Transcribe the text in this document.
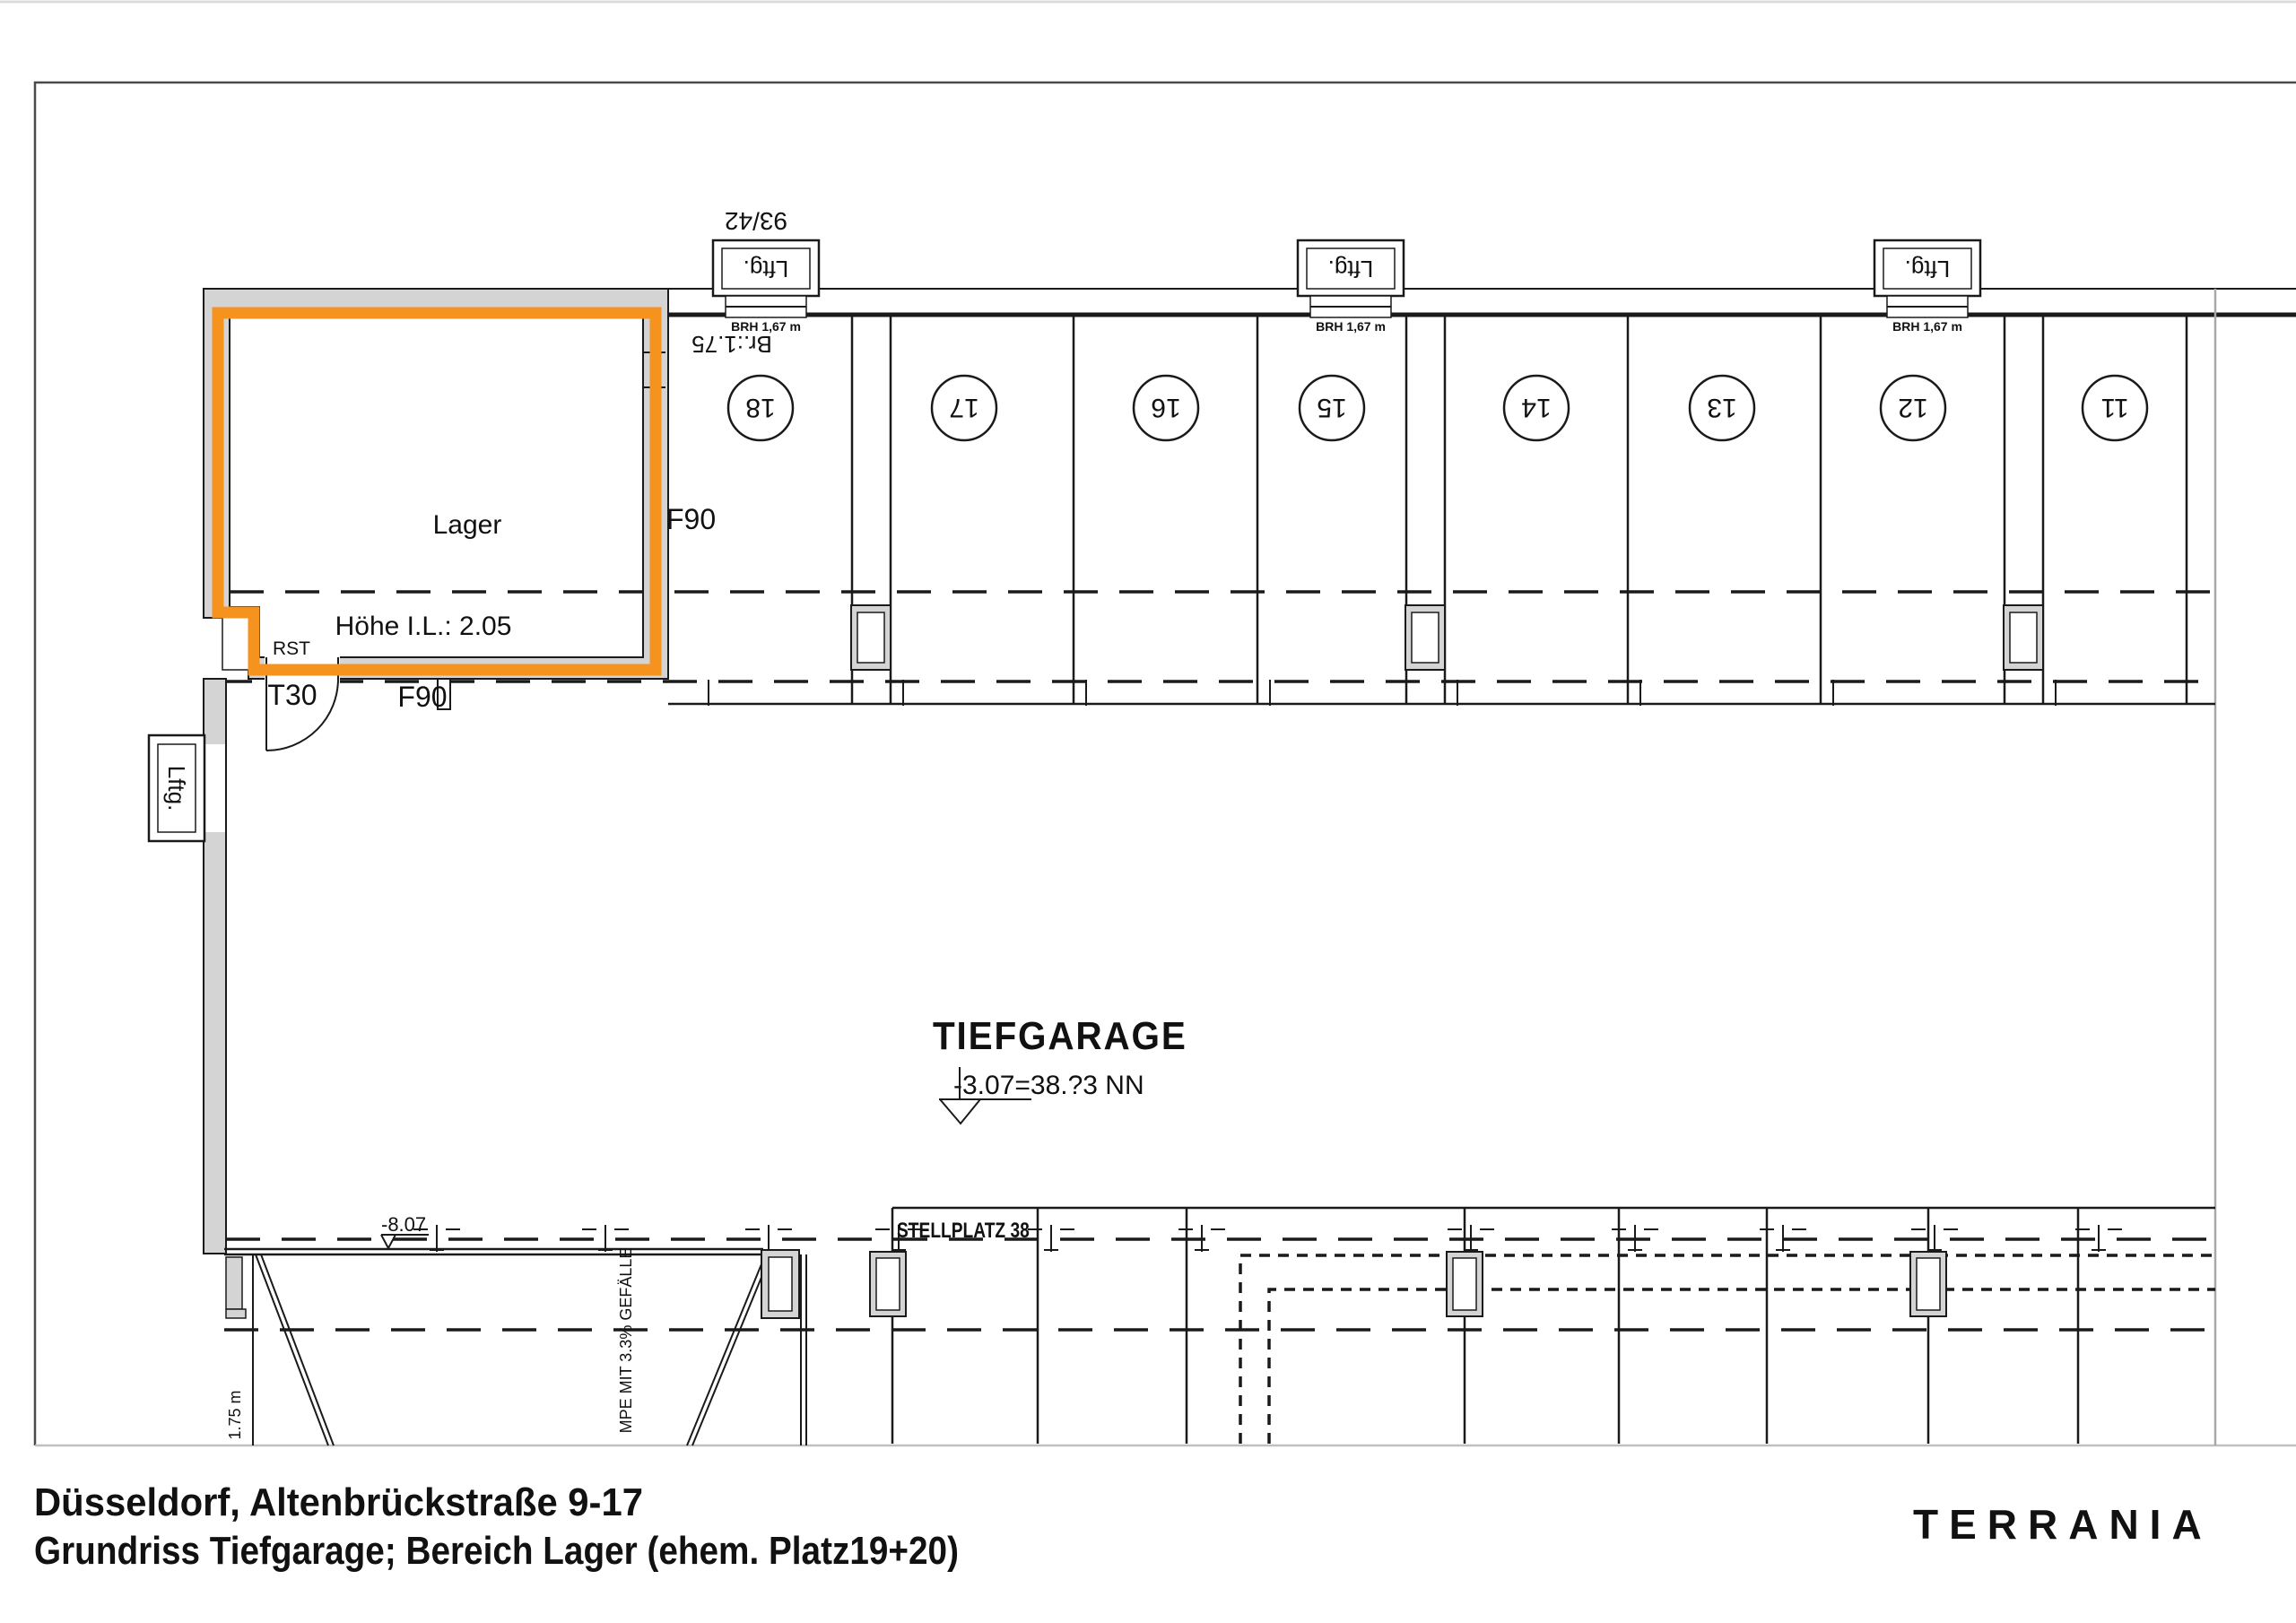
18	17	16	15	14	13	12	11
93/42
Lftg.	Lftg.	Lftg.
BRH 1,67 m	BRH 1,67 m	BRH 1,67 m
Br.:1.75
Lager
Höhe I.L.: 2.05
RST
T30
F90
F90
Lftg.
TIEFGARAGE
-3.07=38.?3 NN
STELLPLATZ 38
-8.07
MPE MIT 3.3% GEFÄLLE
1.75 m
Düsseldorf, Altenbrückstraße 9-17
Grundriss Tiefgarage; Bereich Lager (ehem. Platz19+20)
TERRANIA
